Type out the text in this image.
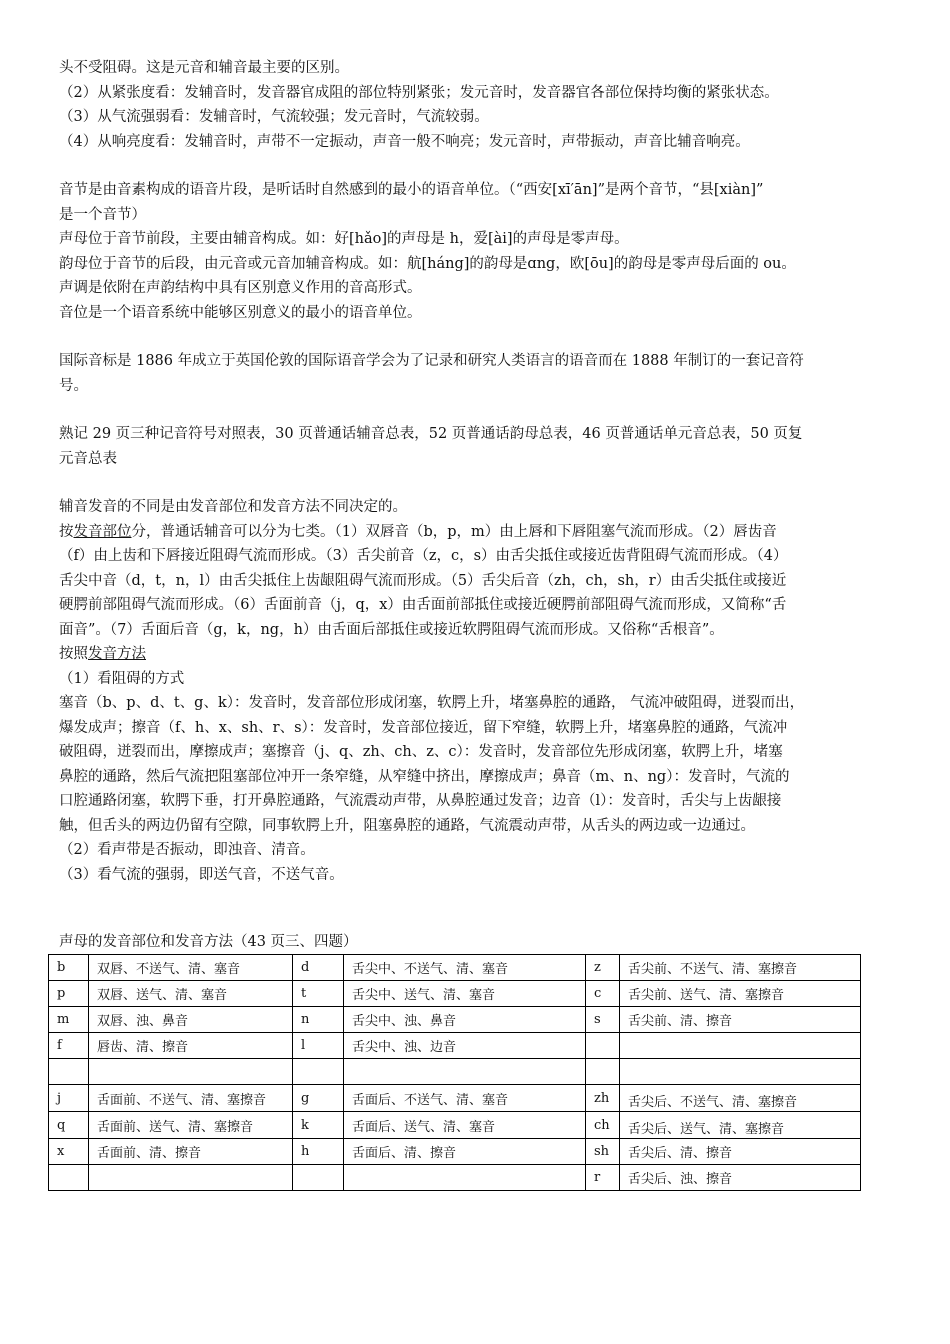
头不受阻碍。这是元音和辅音最主要的区别。

（2）从紧张度看：发辅音时，发音器官成阻的部位特别紧张；发元音时，发音器官各部位保持均衡的紧张状态。

（3）从气流强弱看：发辅音时，气流较强；发元音时，气流较弱。

（4）从响亮度看：发辅音时，声带不一定振动，声音一般不响亮；发元音时，声带振动，声音比辅音响亮。

音节是由音素构成的语音片段，是听话时自然感到的最小的语音单位。（“西安[xī′ān]”是两个音节，“县[xiàn]”

是一个音节）

声母位于音节前段，主要由辅音构成。如：好[hǎo]的声母是 h，爱[ài]的声母是零声母。

韵母位于音节的后段，由元音或元音加辅音构成。如：航[háng]的韵母是ɑng，欧[ōu]的韵母是零声母后面的 ou。

声调是依附在声韵结构中具有区别意义作用的音高形式。

音位是一个语音系统中能够区别意义的最小的语音单位。

国际音标是 1886 年成立于英国伦敦的国际语音学会为了记录和研究人类语言的语音而在 1888 年制订的一套记音符

号。

熟记 29 页三种记音符号对照表，30 页普通话辅音总表，52 页普通话韵母总表，46 页普通话单元音总表，50 页复

元音总表

辅音发音的不同是由发音部位和发音方法不同决定的。

按发音部位分，普通话辅音可以分为七类。（1）双唇音（b，p，m）由上唇和下唇阻塞气流而形成。（2）唇齿音

（f）由上齿和下唇接近阻碍气流而形成。（3）舌尖前音（z，c，s）由舌尖抵住或接近齿背阻碍气流而形成。（4）

舌尖中音（d，t，n，l）由舌尖抵住上齿龈阻碍气流而形成。（5）舌尖后音（zh，ch，sh，r）由舌尖抵住或接近

硬腭前部阻碍气流而形成。（6）舌面前音（j，q，x）由舌面前部抵住或接近硬腭前部阻碍气流而形成，又简称“舌

面音”。（7）舌面后音（g，k，ng，h）由舌面后部抵住或接近软腭阻碍气流而形成。又俗称“舌根音”。

按照发音方法

（1）看阻碍的方式

塞音（b、p、d、t、g、k）：发音时，发音部位形成闭塞，软腭上升，堵塞鼻腔的通路， 气流冲破阻碍，迸裂而出，

爆发成声；擦音（f、h、x、sh、r、s）：发音时，发音部位接近，留下窄缝，软腭上升，堵塞鼻腔的通路，气流冲

破阻碍，迸裂而出，摩擦成声；塞擦音（j、q、zh、ch、z、c）：发音时，发音部位先形成闭塞，软腭上升，堵塞

鼻腔的通路，然后气流把阻塞部位冲开一条窄缝，从窄缝中挤出，摩擦成声；鼻音（m、n、ng）：发音时，气流的

口腔通路闭塞，软腭下垂，打开鼻腔通路，气流震动声带，从鼻腔通过发音；边音（l）：发音时，舌尖与上齿龈接

触，但舌头的两边仍留有空隙，同事软腭上升，阻塞鼻腔的通路，气流震动声带，从舌头的两边或一边通过。

（2）看声带是否振动，即浊音、清音。

（3）看气流的强弱，即送气音，不送气音。

声母的发音部位和发音方法（43 页三、四题）
b	双唇、不送气、清、塞音	d	舌尖中、不送气、清、塞音	z	舌尖前、不送气、清、塞擦音
p	双唇、送气、清、塞音	t	舌尖中、送气、清、塞音	c	舌尖前、送气、清、塞擦音
m	双唇、浊、鼻音	n	舌尖中、浊、鼻音	s	舌尖前、清、擦音
f	唇齿、清、擦音	l	舌尖中、浊、边音		

j	舌面前、不送气、清、塞擦音	g	舌面后、不送气、清、塞音	zh	舌尖后、不送气、清、塞擦音
q	舌面前、送气、清、塞擦音	k	舌面后、送气、清、塞音	ch	舌尖后、送气、清、塞擦音
x	舌面前、清、擦音	h	舌面后、清、擦音	sh	舌尖后、清、擦音
				r	舌尖后、浊、擦音
